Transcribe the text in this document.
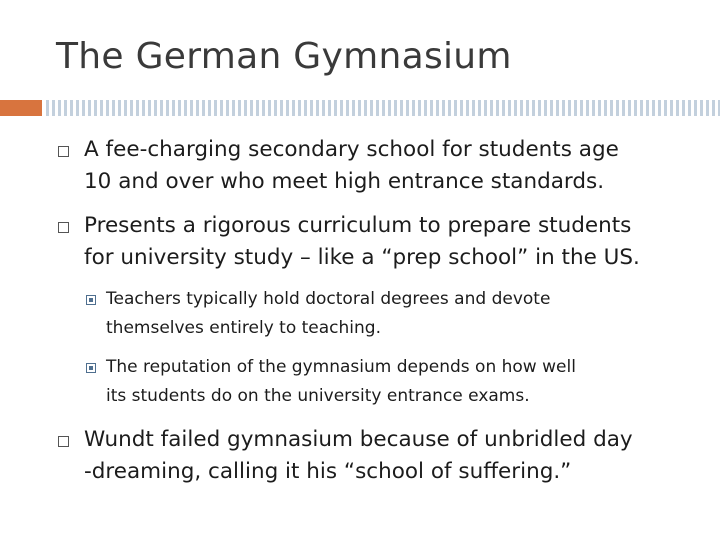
The German Gymnasium
A fee-charging secondary school for students age
10 and over who meet high entrance standards.
Presents a rigorous curriculum to prepare students
for university study – like a “prep school” in the US.
Teachers typically hold doctoral degrees and devote
themselves entirely to teaching.
The reputation of the gymnasium depends on how well
its students do on the university entrance exams.
Wundt failed gymnasium because of unbridled day
-dreaming, calling it his “school of suffering.”
